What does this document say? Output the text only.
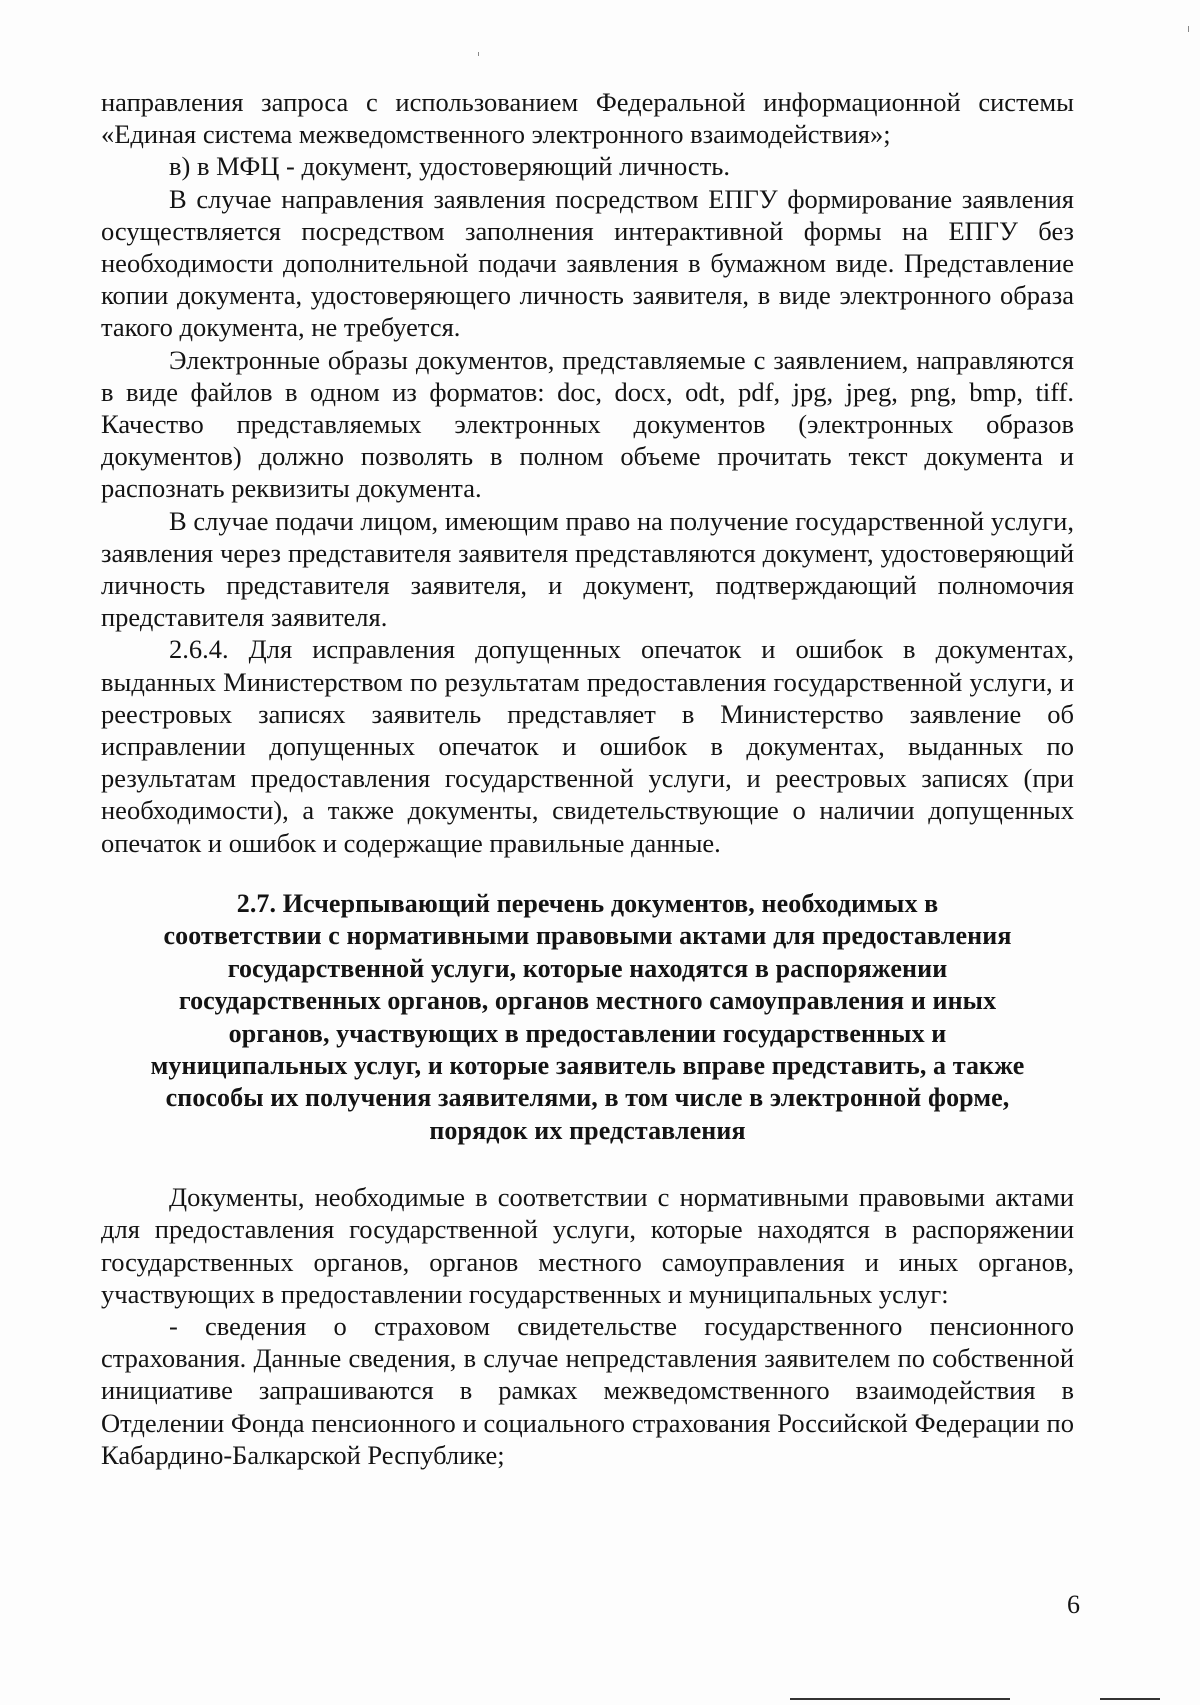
направления запроса с использованием Федеральной информационной системы «Единая система межведомственного электронного взаимодействия»;

в) в МФЦ - документ, удостоверяющий личность.

В случае направления заявления посредством ЕПГУ формирование заявления осуществляется посредством заполнения интерактивной формы на ЕПГУ без необходимости дополнительной подачи заявления в бумажном виде. Представление копии документа, удостоверяющего личность заявителя, в виде электронного образа такого документа, не требуется.

Электронные образы документов, представляемые с заявлением, направляются в виде файлов в одном из форматов: doc, docx, odt, pdf, jpg, jpeg, png, bmp, tiff. Качество представляемых электронных документов (электронных образов документов) должно позволять в полном объеме прочитать текст документа и распознать реквизиты документа.

В случае подачи лицом, имеющим право на получение государственной услуги, заявления через представителя заявителя представляются документ, удостоверяющий личность представителя заявителя, и документ, подтверждающий полномочия представителя заявителя.

2.6.4. Для исправления допущенных опечаток и ошибок в документах, выданных Министерством по результатам предоставления государственной услуги, и реестровых записях заявитель представляет в Министерство заявление об исправлении допущенных опечаток и ошибок в документах, выданных по результатам предоставления государственной услуги, и реестровых записях (при необходимости), а также документы, свидетельствующие о наличии допущенных опечаток и ошибок и содержащие правильные данные.

2.7. Исчерпывающий перечень документов, необходимых в
соответствии с нормативными правовыми актами для предоставления
государственной услуги, которые находятся в распоряжении
государственных органов, органов местного самоуправления и иных
органов, участвующих в предоставлении государственных и
муниципальных услуг, и которые заявитель вправе представить, а также
способы их получения заявителями, в том числе в электронной форме,
порядок их представления

Документы, необходимые в соответствии с нормативными правовыми актами для предоставления государственной услуги, которые находятся в распоряжении государственных органов, органов местного самоуправления и иных органов, участвующих в предоставлении государственных и муниципальных услуг:

- сведения о страховом свидетельстве государственного пенсионного страхования. Данные сведения, в случае непредставления заявителем по собственной инициативе запрашиваются в рамках межведомственного взаимодействия в Отделении Фонда пенсионного и социального страхования Российской Федерации по Кабардино-Балкарской Республике;

6
